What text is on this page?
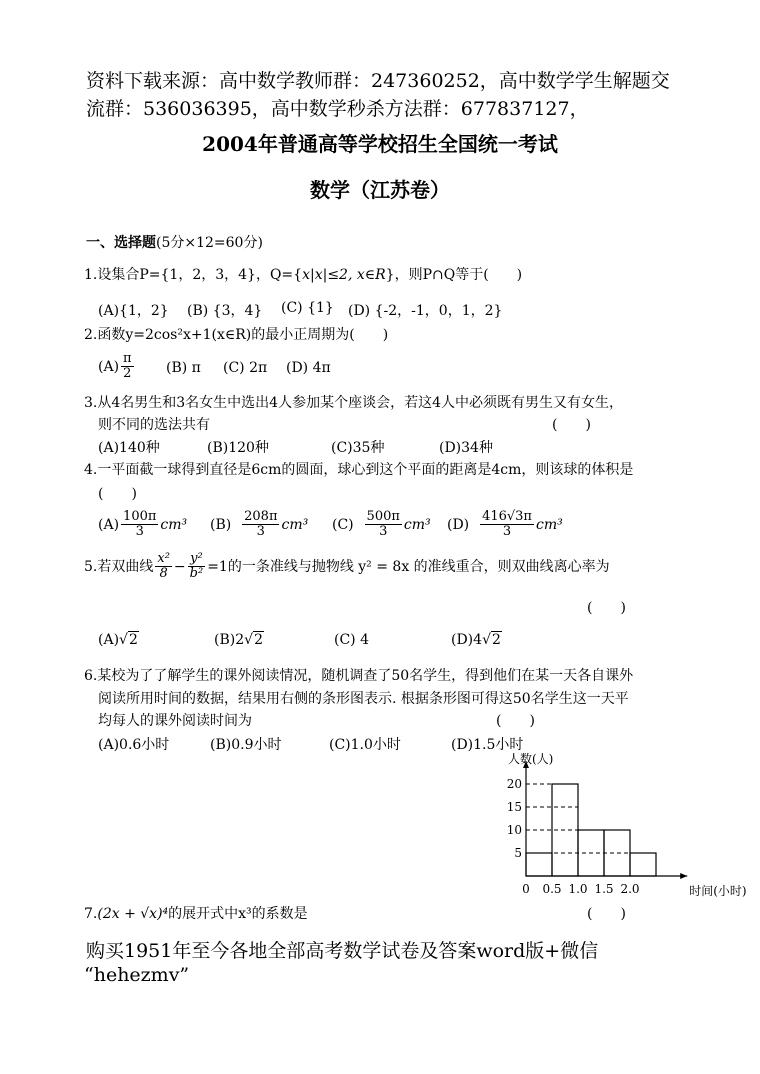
资料下载来源：高中数学教师群：247360252，高中数学学生解题交
流群：536036395，高中数学秒杀方法群：677837127，
2004年普通高等学校招生全国统一考试
数学（江苏卷）
一、选择题(5分×12=60分)
1.设集合P={1，2，3，4}，Q={x|x|≤2, x∈R}，则P∩Q等于(　　)
(A){1，2} (B) {3，4} (C) {1} (D) {-2，-1，0，1，2}
2.函数y=2cos²x+1(x∈R)的最小正周期为(　　)
$(A) \frac{\pi}{2} (B)$ π (C) 2π (D) 4π
3.从4名男生和3名女生中选出4人参加某个座谈会，若这4人中必须既有男生又有女生，
则不同的选法共有	(　　)
(A)140种	(B)120种	(C)35种	(D)34种
4.一平面截一球得到直径是6cm的圆面，球心到这个平面的距离是4cm，则该球的体积是
(　　)
$(A) \frac{100\pi}{3} cm^3$ $(B) \frac{208\pi}{3} cm^3$ $(C) \frac{500\pi}{3} cm^3$ $(D) \frac{416√3\pi}{3} cm^3$
5.若双曲线 $\frac{\text{x²}}{8} - \frac{\text{y²}}{\text{b²}} =1$的一条准线与抛物线 y² = 8x 的准线重合，则双曲线离心率为
(　　)
(A)√2	(B)2√2	(C) 4	(D)4√2
6.某校为了了解学生的课外阅读情况，随机调查了50名学生，得到他们在某一天各自课外
阅读所用时间的数据，结果用右侧的条形图表示. 根据条形图可得这50名学生这一天平
均每人的课外阅读时间为	(　　)
(A)0.6小时	(B)0.9小时	(C)1.0小时	(D)1.5小时
5
10
15
20
0 0.5 1.0 1.5 2.0
人数(人)
时间(小时)
7.(2x + √x)⁴的展开式中x³的系数是	(　　)
购买1951年至今各地全部高考数学试卷及答案word版+微信
“hehezmv”
